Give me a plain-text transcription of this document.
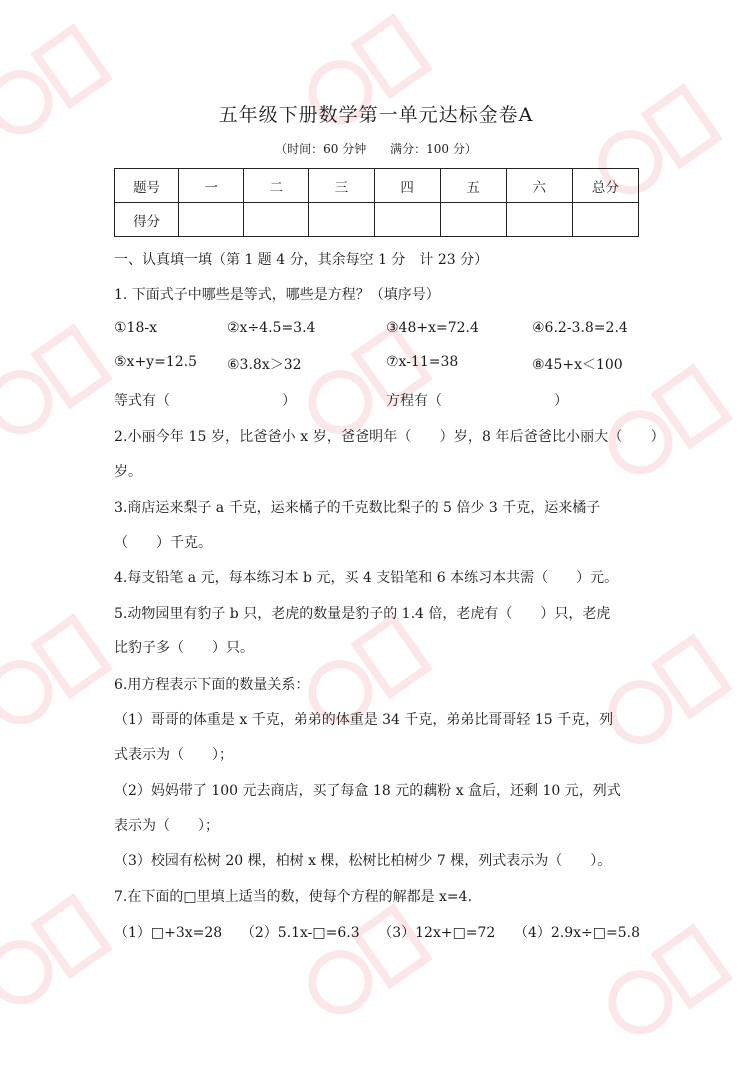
五年级下册数学第一单元达标金卷A
（时间：60 分钟 满分：100 分）
题号	一	二	三	四	五	六	总分
得分							
一、认真填一填（第 1 题 4 分，其余每空 1 分　计 23 分）
1. 下面式子中哪些是等式，哪些是方程？（填序号）
①18-x	②x÷4.5=3.4	③48+x=72.4	④6.2-3.8=2.4
⑤x+y=12.5 ⑥3.8x＞32	⑦x-11=38	⑧45+x＜100
等式有（　　　　　　　　）	方程有（　　　　　　　　）
2.小丽今年 15 岁，比爸爸小 x 岁，爸爸明年（　　）岁，8 年后爸爸比小丽大（　　）
岁。
3.商店运来梨子 a 千克，运来橘子的千克数比梨子的 5 倍少 3 千克，运来橘子
（　　）千克。
4.每支铅笔 a 元，每本练习本 b 元，买 4 支铅笔和 6 本练习本共需（　　）元。
5.动物园里有豹子 b 只，老虎的数量是豹子的 1.4 倍，老虎有（　　）只，老虎
比豹子多（　　）只。
6.用方程表示下面的数量关系：
（1）哥哥的体重是 x 千克，弟弟的体重是 34 千克，弟弟比哥哥轻 15 千克，列
式表示为（　　）；
（2）妈妈带了 100 元去商店，买了每盒 18 元的藕粉 x 盒后，还剩 10 元，列式
表示为（　　）；
（3）校园有松树 20 棵，柏树 x 棵，松树比柏树少 7 棵，列式表示为（　　）。
7.在下面的□里填上适当的数，使每个方程的解都是 x=4.
（1）□+3x=28 （2）5.1x-□=6.3 （3）12x+□=72 （4）2.9x÷□=5.8
